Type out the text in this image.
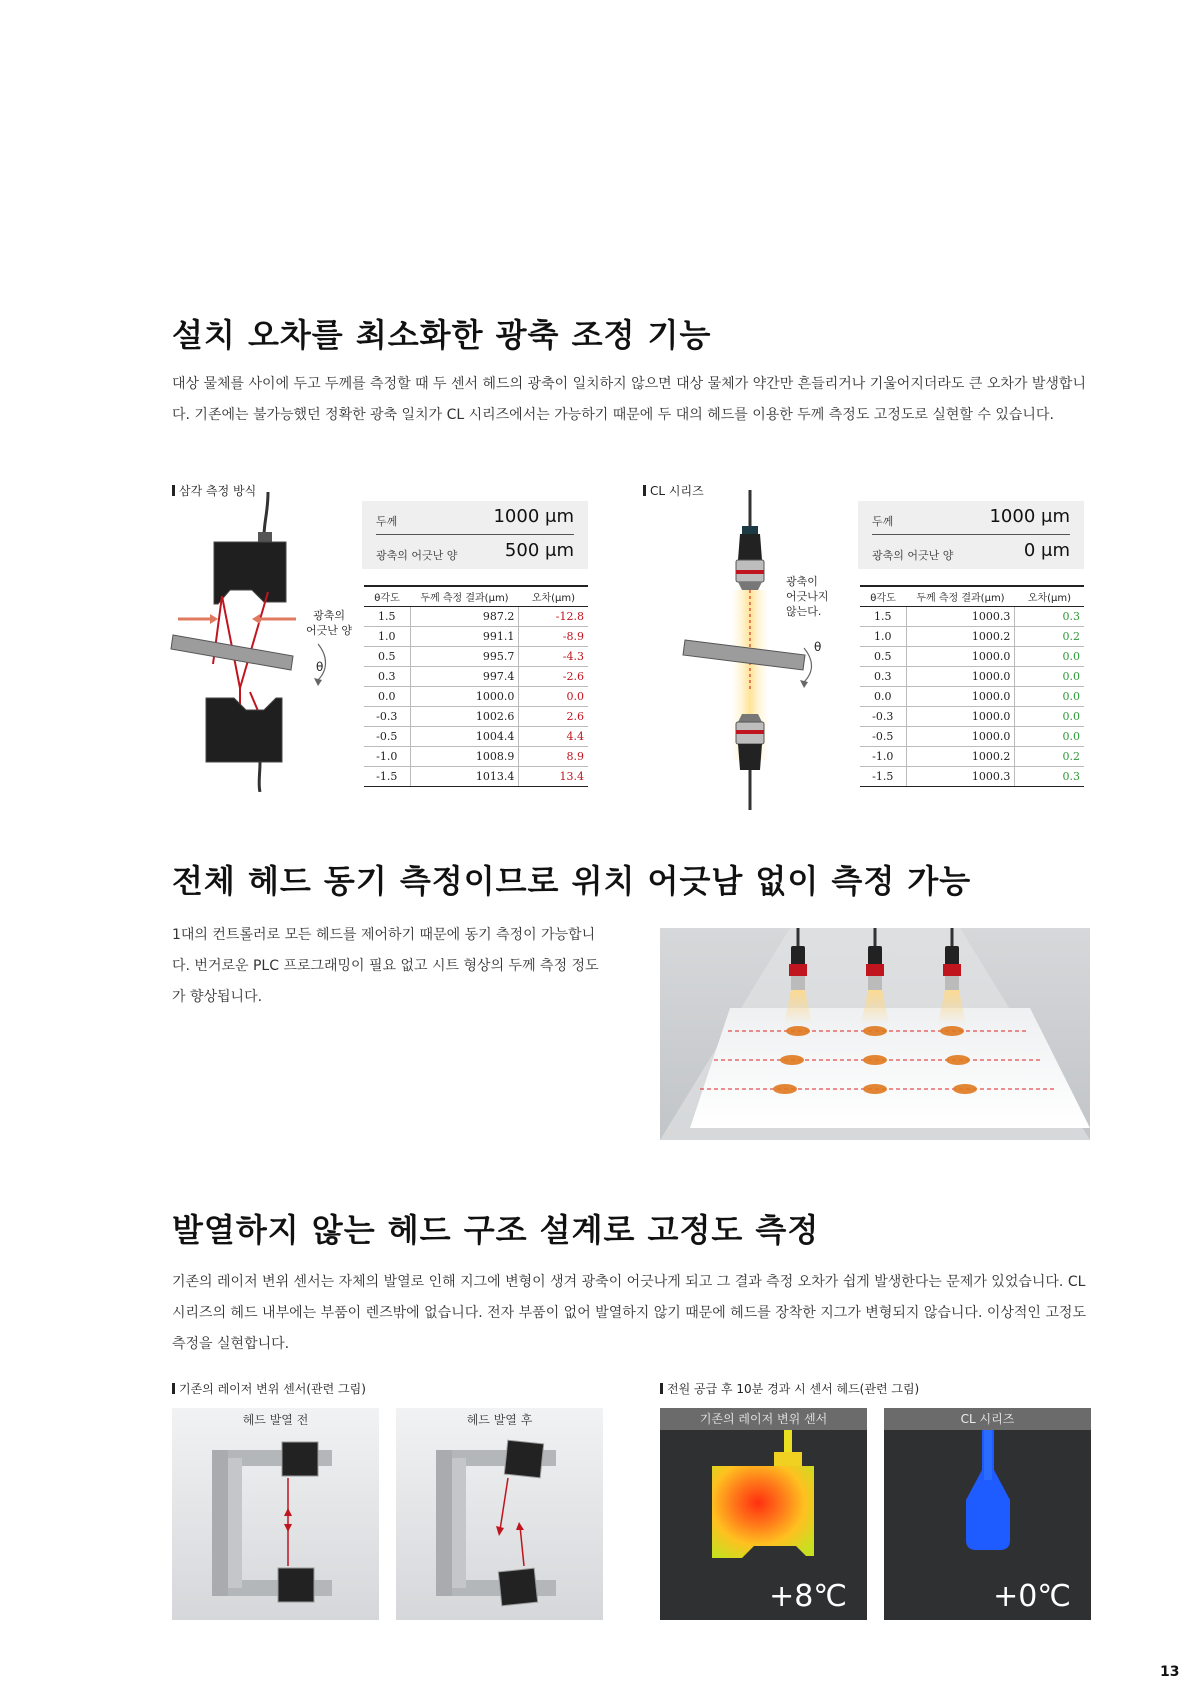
설치 오차를 최소화한 광축 조정 기능
대상 물체를 사이에 두고 두께를 측정할 때 두 센서 헤드의 광축이 일치하지 않으면 대상 물체가 약간만 흔들리거나 기울어지더라도 큰 오차가 발생합니다. 기존에는 불가능했던 정확한 광축 일치가 CL 시리즈에서는 가능하기 때문에 두 대의 헤드를 이용한 두께 측정도 고정도로 실현할 수 있습니다.
삼각 측정 방식
광축의
어긋난 양
θ
두께	1000 μm
광축의 어긋난 양	500 μm
θ각도	두께 측정 결과(μm)	오차(μm)
1.5	987.2	-12.8
1.0	991.1	-8.9
0.5	995.7	-4.3
0.3	997.4	-2.6
0.0	1000.0	0.0
-0.3	1002.6	2.6
-0.5	1004.4	4.4
-1.0	1008.9	8.9
-1.5	1013.4	13.4
CL 시리즈
광축이
어긋나지
않는다.
θ
두께	1000 μm
광축의 어긋난 양	0 μm
θ각도	두께 측정 결과(μm)	오차(μm)
1.5	1000.3	0.3
1.0	1000.2	0.2
0.5	1000.0	0.0
0.3	1000.0	0.0
0.0	1000.0	0.0
-0.3	1000.0	0.0
-0.5	1000.0	0.0
-1.0	1000.2	0.2
-1.5	1000.3	0.3
전체 헤드 동기 측정이므로 위치 어긋남 없이 측정 가능
1대의 컨트롤러로 모든 헤드를 제어하기 때문에 동기 측정이 가능합니다. 번거로운 PLC 프로그래밍이 필요 없고 시트 형상의 두께 측정 정도가 향상됩니다.
발열하지 않는 헤드 구조 설계로 고정도 측정
기존의 레이저 변위 센서는 자체의 발열로 인해 지그에 변형이 생겨 광축이 어긋나게 되고 그 결과 측정 오차가 쉽게 발생한다는 문제가 있었습니다. CL 시리즈의 헤드 내부에는 부품이 렌즈밖에 없습니다. 전자 부품이 없어 발열하지 않기 때문에 헤드를 장착한 지그가 변형되지 않습니다. 이상적인 고정도 측정을 실현합니다.
기존의 레이저 변위 센서(관련 그림)	전원 공급 후 10분 경과 시 센서 헤드(관련 그림)
헤드 발열 전	헤드 발열 후	기존의 레이저 변위 센서
+8℃
CL 시리즈
+0℃
13
